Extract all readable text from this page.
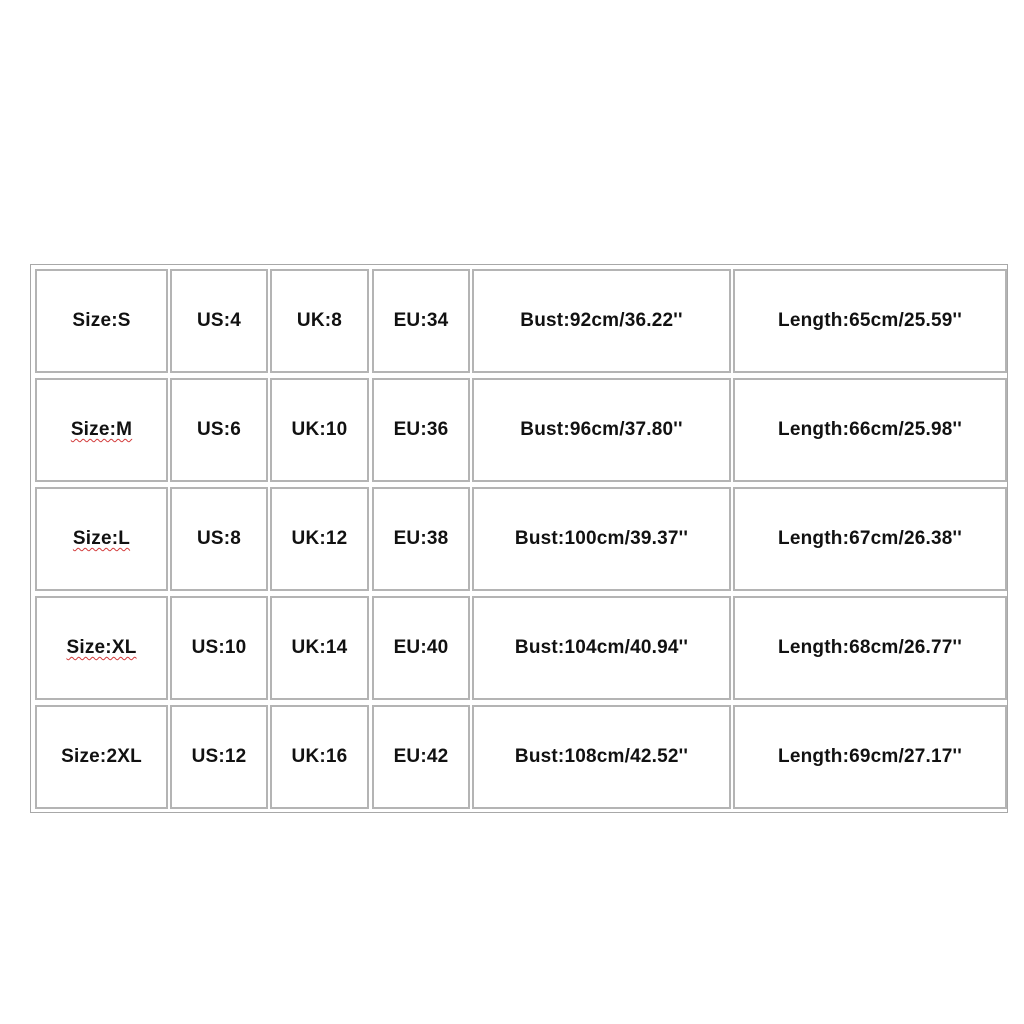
Size:S	US:4	UK:8	EU:34	Bust:92cm/36.22''	Length:65cm/25.59''
Size:M	US:6	UK:10	EU:36	Bust:96cm/37.80''	Length:66cm/25.98''
Size:L	US:8	UK:12	EU:38	Bust:100cm/39.37''	Length:67cm/26.38''
Size:XL	US:10	UK:14	EU:40	Bust:104cm/40.94''	Length:68cm/26.77''
Size:2XL	US:12	UK:16	EU:42	Bust:108cm/42.52''	Length:69cm/27.17''
